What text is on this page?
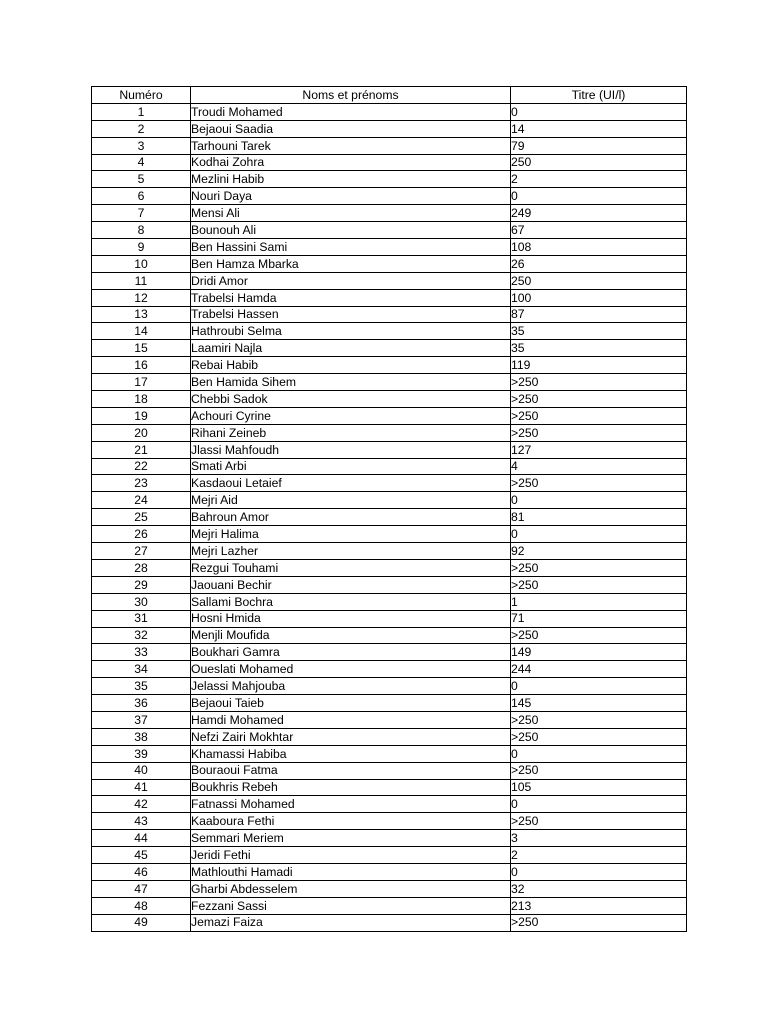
Numéro	Noms et prénoms	Titre (UI/l)
1	Troudi Mohamed	0
2	Bejaoui Saadia	14
3	Tarhouni Tarek	79
4	Kodhai Zohra	250
5	Mezlini Habib	2
6	Nouri Daya	0
7	Mensi Ali	249
8	Bounouh Ali	67
9	Ben Hassini Sami	108
10	Ben Hamza Mbarka	26
11	Dridi Amor	250
12	Trabelsi Hamda	100
13	Trabelsi Hassen	87
14	Hathroubi Selma	35
15	Laamiri Najla	35
16	Rebai Habib	119
17	Ben Hamida Sihem	>250
18	Chebbi Sadok	>250
19	Achouri Cyrine	>250
20	Rihani Zeineb	>250
21	Jlassi Mahfoudh	127
22	Smati Arbi	4
23	Kasdaoui Letaief	>250
24	Mejri Aid	0
25	Bahroun Amor	81
26	Mejri Halima	0
27	Mejri Lazher	92
28	Rezgui Touhami	>250
29	Jaouani Bechir	>250
30	Sallami Bochra	1
31	Hosni Hmida	71
32	Menjli Moufida	>250
33	Boukhari Gamra	149
34	Oueslati Mohamed	244
35	Jelassi Mahjouba	0
36	Bejaoui Taieb	145
37	Hamdi Mohamed	>250
38	Nefzi Zairi Mokhtar	>250
39	Khamassi Habiba	0
40	Bouraoui Fatma	>250
41	Boukhris Rebeh	105
42	Fatnassi Mohamed	0
43	Kaaboura Fethi	>250
44	Semmari Meriem	3
45	Jeridi Fethi	2
46	Mathlouthi Hamadi	0
47	Gharbi Abdesselem	32
48	Fezzani Sassi	213
49	Jemazi Faiza	>250
